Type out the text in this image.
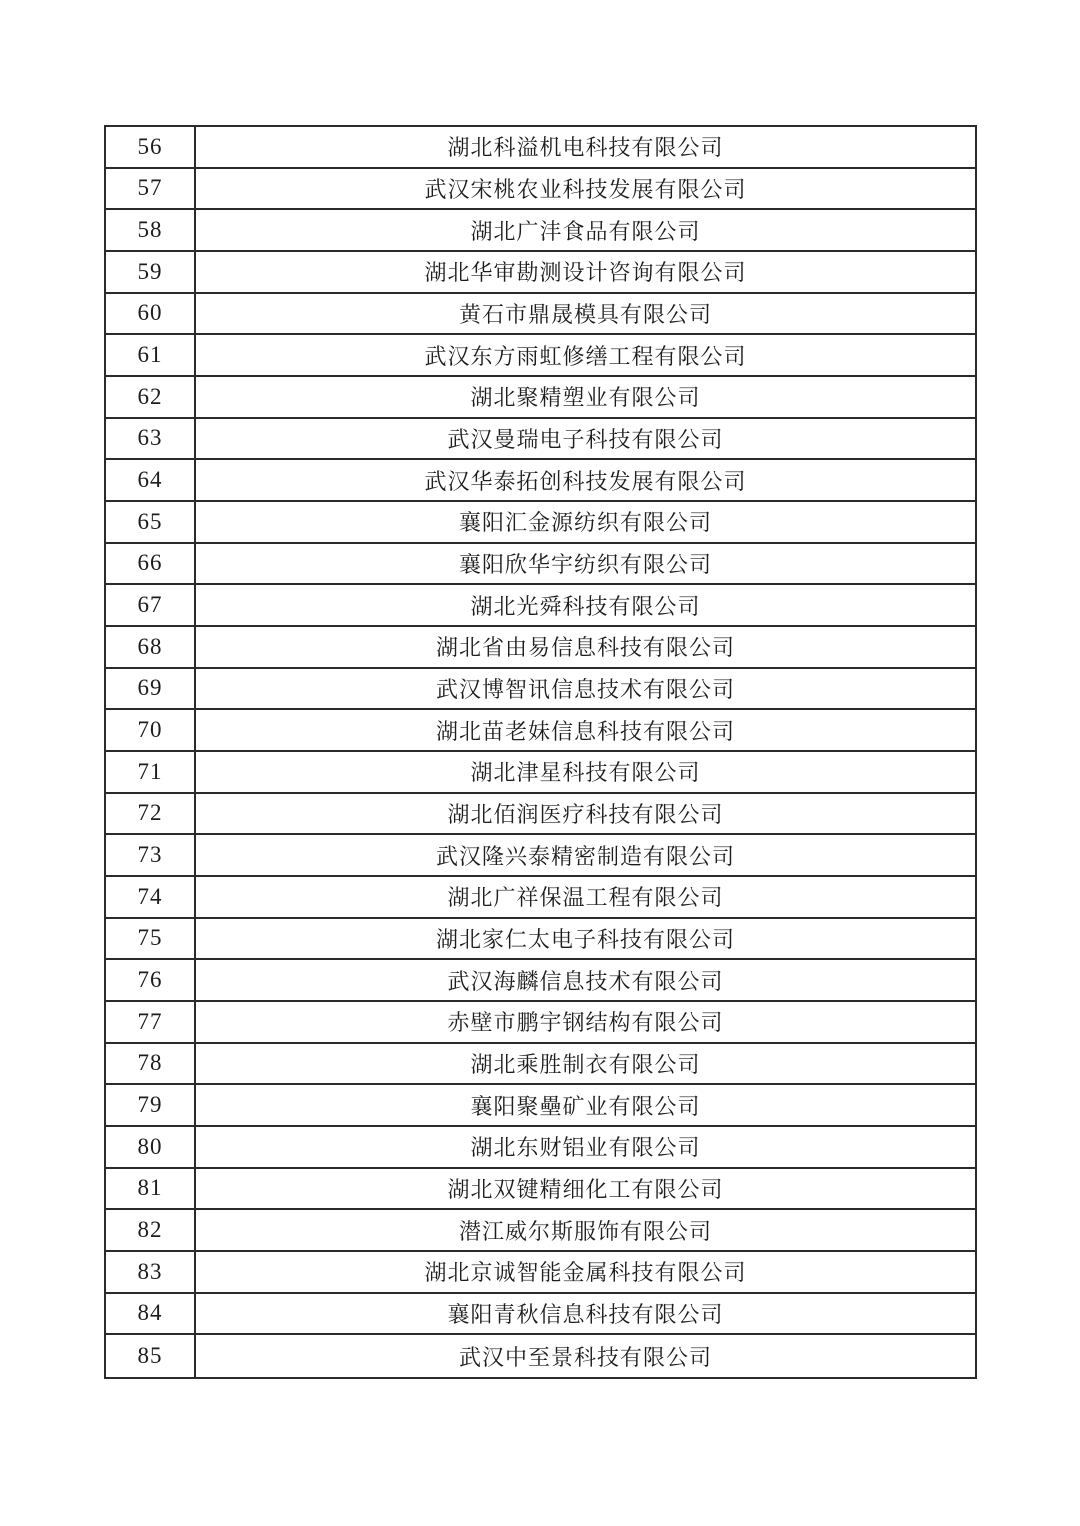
56	湖北科溢机电科技有限公司
57	武汉宋桃农业科技发展有限公司
58	湖北广沣食品有限公司
59	湖北华审勘测设计咨询有限公司
60	黄石市鼎晟模具有限公司
61	武汉东方雨虹修缮工程有限公司
62	湖北聚精塑业有限公司
63	武汉曼瑞电子科技有限公司
64	武汉华泰拓创科技发展有限公司
65	襄阳汇金源纺织有限公司
66	襄阳欣华宇纺织有限公司
67	湖北光舜科技有限公司
68	湖北省由易信息科技有限公司
69	武汉博智讯信息技术有限公司
70	湖北苗老妹信息科技有限公司
71	湖北津星科技有限公司
72	湖北佰润医疗科技有限公司
73	武汉隆兴泰精密制造有限公司
74	湖北广祥保温工程有限公司
75	湖北家仁太电子科技有限公司
76	武汉海麟信息技术有限公司
77	赤壁市鹏宇钢结构有限公司
78	湖北乘胜制衣有限公司
79	襄阳聚壘矿业有限公司
80	湖北东财铝业有限公司
81	湖北双键精细化工有限公司
82	潜江威尔斯服饰有限公司
83	湖北京诚智能金属科技有限公司
84	襄阳青秋信息科技有限公司
85	武汉中至景科技有限公司
